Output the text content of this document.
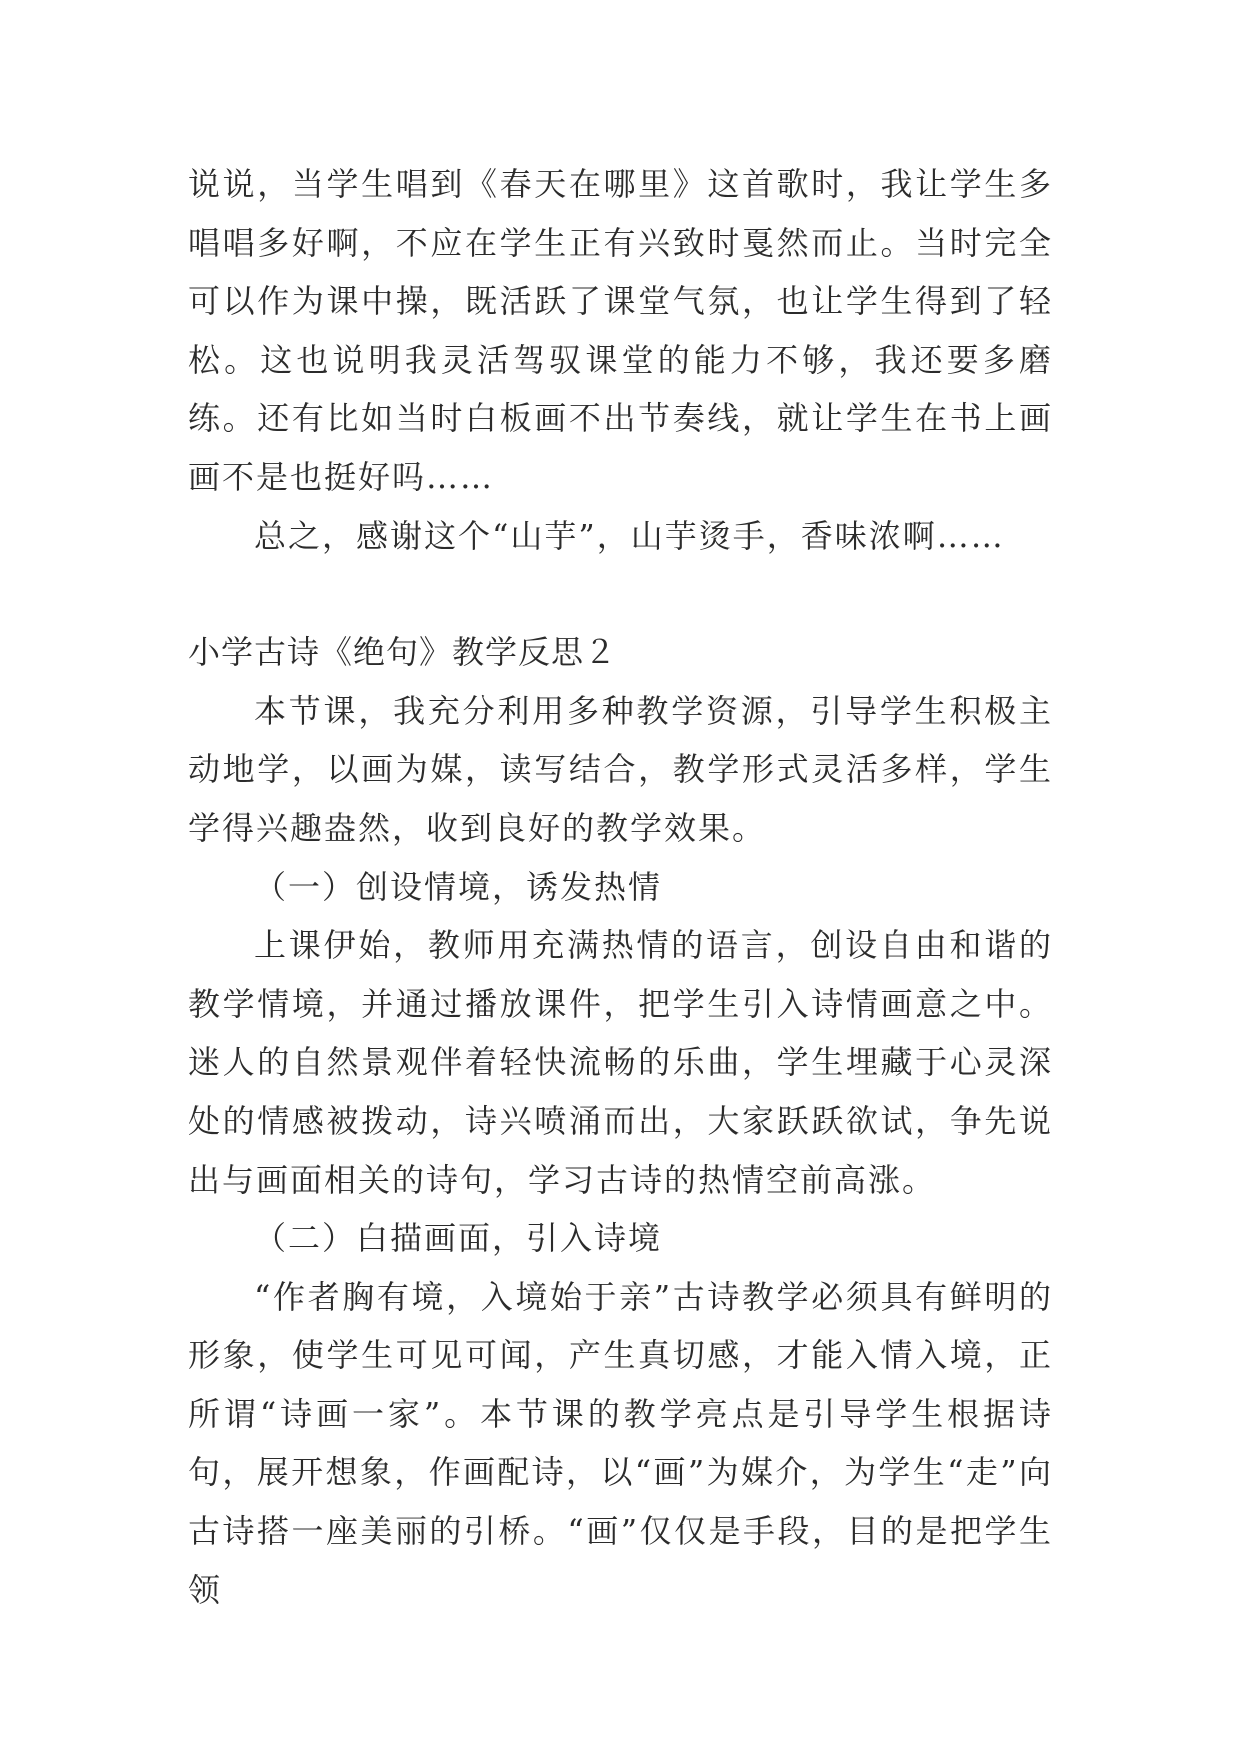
说说，当学生唱到《春天在哪里》这首歌时，我让学生多唱唱多好啊，不应在学生正有兴致时戛然而止。当时完全可以作为课中操，既活跃了课堂气氛，也让学生得到了轻松。这也说明我灵活驾驭课堂的能力不够，我还要多磨练。还有比如当时白板画不出节奏线，就让学生在书上画画不是也挺好吗……

总之，感谢这个“山芋”，山芋烫手，香味浓啊……

小学古诗《绝句》教学反思２

本节课，我充分利用多种教学资源，引导学生积极主动地学，以画为媒，读写结合，教学形式灵活多样，学生学得兴趣盎然，收到良好的教学效果。

（一）创设情境，诱发热情

上课伊始，教师用充满热情的语言，创设自由和谐的教学情境，并通过播放课件，把学生引入诗情画意之中。迷人的自然景观伴着轻快流畅的乐曲，学生埋藏于心灵深处的情感被拨动，诗兴喷涌而出，大家跃跃欲试，争先说出与画面相关的诗句，学习古诗的热情空前高涨。

（二）白描画面，引入诗境

“作者胸有境，入境始于亲”古诗教学必须具有鲜明的形象，使学生可见可闻，产生真切感，才能入情入境，正所谓“诗画一家”。本节课的教学亮点是引导学生根据诗句，展开想象，作画配诗，以“画”为媒介，为学生“走”向古诗搭一座美丽的引桥。“画”仅仅是手段，目的是把学生领
